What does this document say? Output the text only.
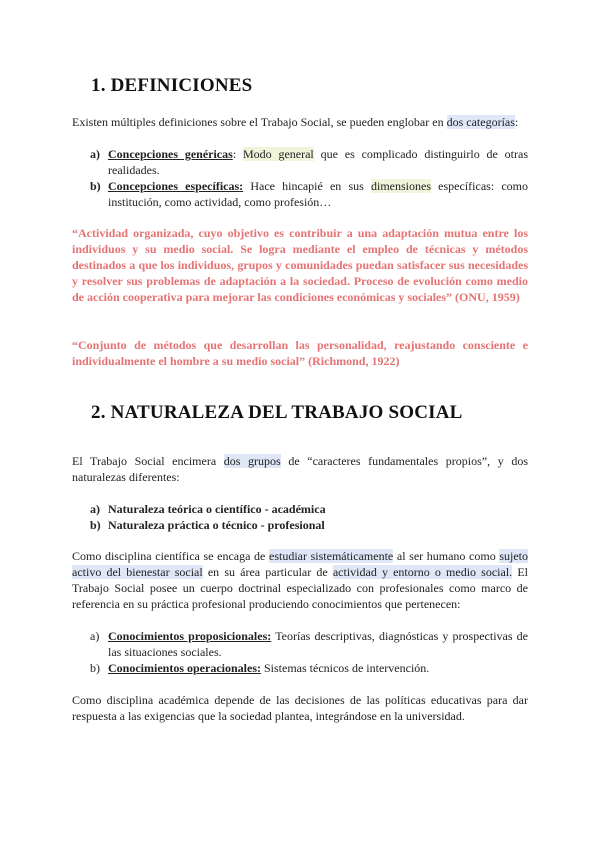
1. DEFINICIONES
Existen múltiples definiciones sobre el Trabajo Social, se pueden englobar en dos categorías:
a) Concepciones genéricas: Modo general que es complicado distinguirlo de otras realidades.
b) Concepciones específicas: Hace hincapié en sus dimensiones específicas: como institución, como actividad, como profesión…
“Actividad organizada, cuyo objetivo es contribuir a una adaptación mutua entre los individuos y su medio social. Se logra mediante el empleo de técnicas y métodos destinados a que los individuos, grupos y comunidades puedan satisfacer sus necesidades y resolver sus problemas de adaptación a la sociedad. Proceso de evolución como medio de acción cooperativa para mejorar las condiciones económicas y sociales” (ONU, 1959)
“Conjunto de métodos que desarrollan las personalidad, reajustando consciente e individualmente el hombre a su medio social” (Richmond, 1922)
2. NATURALEZA DEL TRABAJO SOCIAL
El Trabajo Social encimera dos grupos de “caracteres fundamentales propios”, y dos naturalezas diferentes:
a) Naturaleza teórica o científico - académica
b) Naturaleza práctica o técnico - profesional
Como disciplina científica se encaga de estudiar sistemáticamente al ser humano como sujeto activo del bienestar social en su área particular de actividad y entorno o medio social. El Trabajo Social posee un cuerpo doctrinal especializado con profesionales como marco de referencia en su práctica profesional produciendo conocimientos que pertenecen:
a) Conocimientos proposicionales: Teorías descriptivas, diagnósticas y prospectivas de las situaciones sociales.
b) Conocimientos operacionales: Sistemas técnicos de intervención.
Como disciplina académica depende de las decisiones de las políticas educativas para dar respuesta a las exigencias que la sociedad plantea, integrándose en la universidad.
